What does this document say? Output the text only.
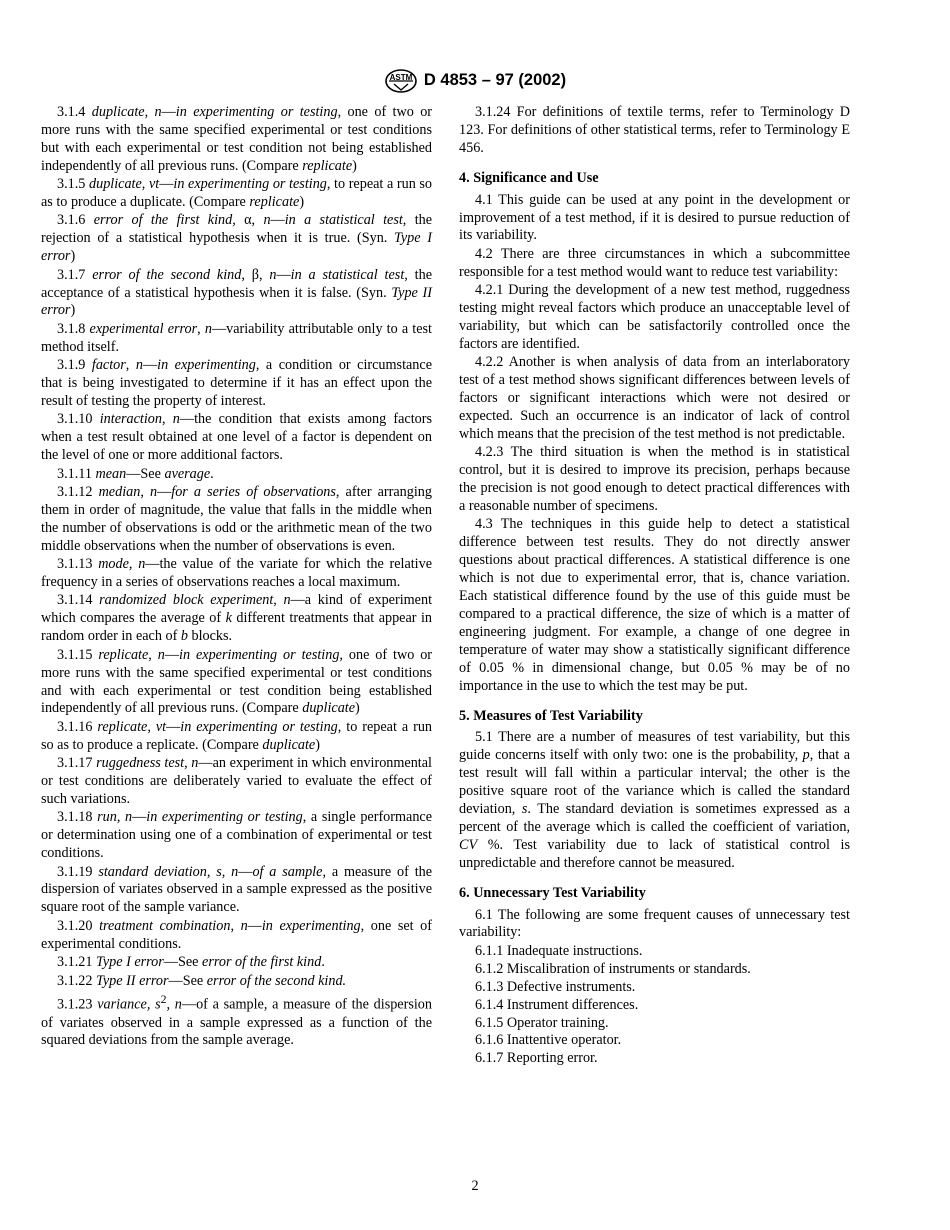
ASTM D 4853 – 97 (2002)

3.1.4 duplicate, n—in experimenting or testing, one of two or more runs with the same specified experimental or test conditions but with each experimental or test condition not being established independently of all previous runs. (Compare replicate)

3.1.5 duplicate, vt—in experimenting or testing, to repeat a run so as to produce a duplicate. (Compare replicate)

3.1.6 error of the first kind, α, n—in a statistical test, the rejection of a statistical hypothesis when it is true. (Syn. Type I error)

3.1.7 error of the second kind, β, n—in a statistical test, the acceptance of a statistical hypothesis when it is false. (Syn. Type II error)

3.1.8 experimental error, n—variability attributable only to a test method itself.

3.1.9 factor, n—in experimenting, a condition or circumstance that is being investigated to determine if it has an effect upon the result of testing the property of interest.

3.1.10 interaction, n—the condition that exists among factors when a test result obtained at one level of a factor is dependent on the level of one or more additional factors.

3.1.11 mean—See average.

3.1.12 median, n—for a series of observations, after arranging them in order of magnitude, the value that falls in the middle when the number of observations is odd or the arithmetic mean of the two middle observations when the number of observations is even.

3.1.13 mode, n—the value of the variate for which the relative frequency in a series of observations reaches a local maximum.

3.1.14 randomized block experiment, n—a kind of experiment which compares the average of k different treatments that appear in random order in each of b blocks.

3.1.15 replicate, n—in experimenting or testing, one of two or more runs with the same specified experimental or test conditions and with each experimental or test condition being established independently of all previous runs. (Compare duplicate)

3.1.16 replicate, vt—in experimenting or testing, to repeat a run so as to produce a replicate. (Compare duplicate)

3.1.17 ruggedness test, n—an experiment in which environmental or test conditions are deliberately varied to evaluate the effect of such variations.

3.1.18 run, n—in experimenting or testing, a single performance or determination using one of a combination of experimental or test conditions.

3.1.19 standard deviation, s, n—of a sample, a measure of the dispersion of variates observed in a sample expressed as the positive square root of the sample variance.

3.1.20 treatment combination, n—in experimenting, one set of experimental conditions.

3.1.21 Type I error—See error of the first kind.

3.1.22 Type II error—See error of the second kind.

3.1.23 variance, $s^2$, n—of a sample, a measure of the dispersion of variates observed in a sample expressed as a function of the squared deviations from the sample average.

3.1.24 For definitions of textile terms, refer to Terminology D 123. For definitions of other statistical terms, refer to Terminology E 456.

4. Significance and Use

4.1 This guide can be used at any point in the development or improvement of a test method, if it is desired to pursue reduction of its variability.

4.2 There are three circumstances in which a subcommittee responsible for a test method would want to reduce test variability:

4.2.1 During the development of a new test method, ruggedness testing might reveal factors which produce an unacceptable level of variability, but which can be satisfactorily controlled once the factors are identified.

4.2.2 Another is when analysis of data from an interlaboratory test of a test method shows significant differences between levels of factors or significant interactions which were not desired or expected. Such an occurrence is an indicator of lack of control which means that the precision of the test method is not predictable.

4.2.3 The third situation is when the method is in statistical control, but it is desired to improve its precision, perhaps because the precision is not good enough to detect practical differences with a reasonable number of specimens.

4.3 The techniques in this guide help to detect a statistical difference between test results. They do not directly answer questions about practical differences. A statistical difference is one which is not due to experimental error, that is, chance variation. Each statistical difference found by the use of this guide must be compared to a practical difference, the size of which is a matter of engineering judgment. For example, a change of one degree in temperature of water may show a statistically significant difference of 0.05 % in dimensional change, but 0.05 % may be of no importance in the use to which the test may be put.

5. Measures of Test Variability

5.1 There are a number of measures of test variability, but this guide concerns itself with only two: one is the probability, p, that a test result will fall within a particular interval; the other is the positive square root of the variance which is called the standard deviation, s. The standard deviation is sometimes expressed as a percent of the average which is called the coefficient of variation, CV %. Test variability due to lack of statistical control is unpredictable and therefore cannot be measured.

6. Unnecessary Test Variability

6.1 The following are some frequent causes of unnecessary test variability:

6.1.1 Inadequate instructions.
6.1.2 Miscalibration of instruments or standards.
6.1.3 Defective instruments.
6.1.4 Instrument differences.
6.1.5 Operator training.
6.1.6 Inattentive operator.
6.1.7 Reporting error.
2
